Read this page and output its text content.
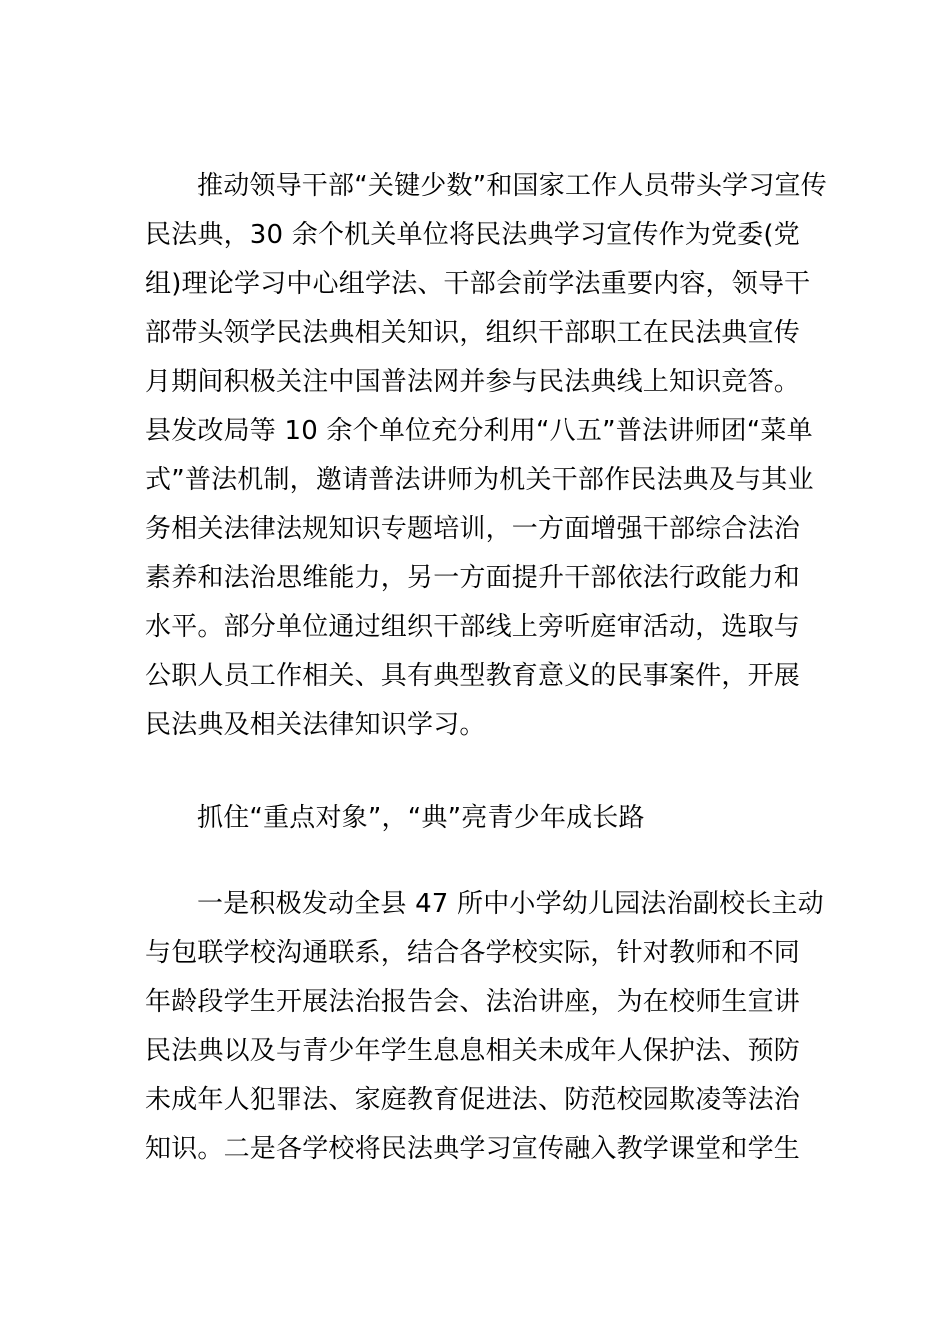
推动领导干部“关键少数”和国家工作人员带头学习宣传

民法典，30 余个机关单位将民法典学习宣传作为党委(党

组)理论学习中心组学法、干部会前学法重要内容，领导干

部带头领学民法典相关知识，组织干部职工在民法典宣传

月期间积极关注中国普法网并参与民法典线上知识竞答。

县发改局等 10 余个单位充分利用“八五”普法讲师团“菜单

式”普法机制，邀请普法讲师为机关干部作民法典及与其业

务相关法律法规知识专题培训，一方面增强干部综合法治

素养和法治思维能力，另一方面提升干部依法行政能力和

水平。部分单位通过组织干部线上旁听庭审活动，选取与

公职人员工作相关、具有典型教育意义的民事案件，开展

民法典及相关法律知识学习。

抓住“重点对象”，“典”亮青少年成长路

一是积极发动全县 47 所中小学幼儿园法治副校长主动

与包联学校沟通联系，结合各学校实际，针对教师和不同

年龄段学生开展法治报告会、法治讲座，为在校师生宣讲

民法典以及与青少年学生息息相关未成年人保护法、预防

未成年人犯罪法、家庭教育促进法、防范校园欺凌等法治

知识。二是各学校将民法典学习宣传融入教学课堂和学生
